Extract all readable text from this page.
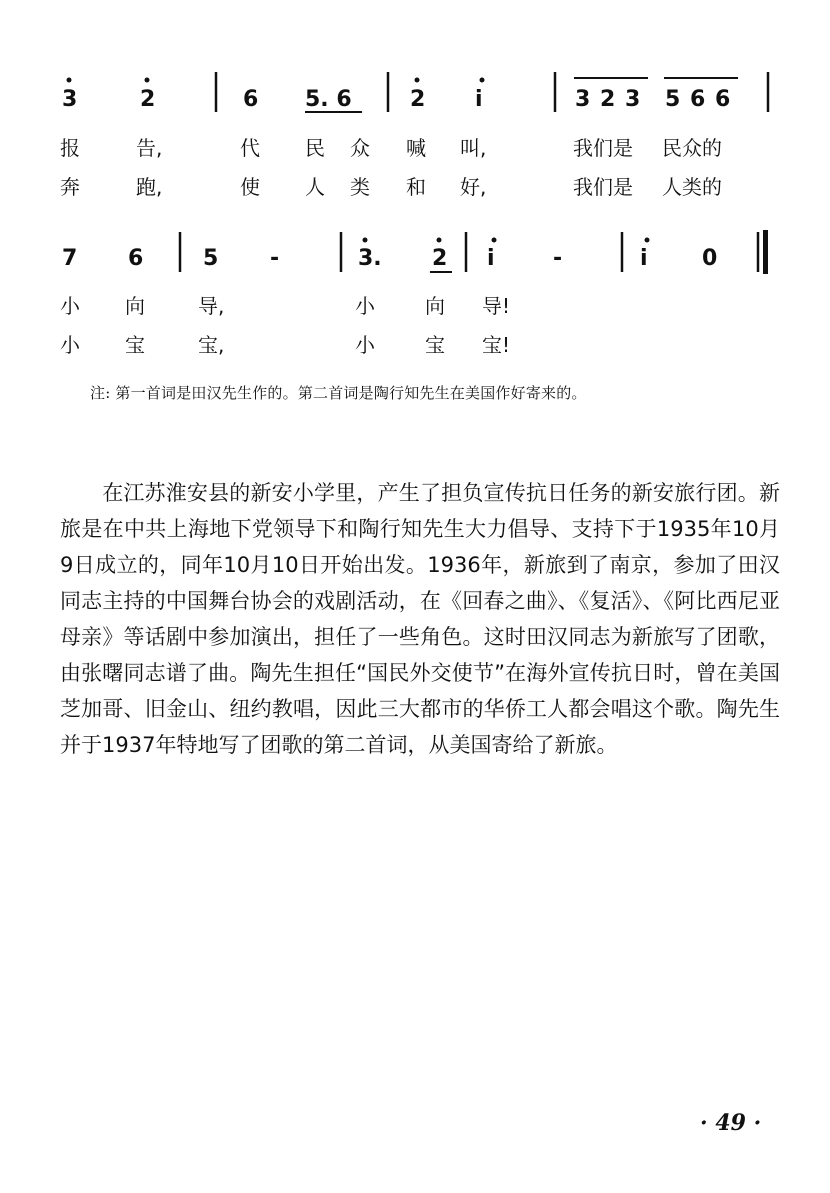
3	2	6 5. 6	2 i	3 2 3 5 6 6
报	告,	代 民 众 喊 叫,	我们是 民众的
奔	跑,	使 人 类 和 好,	我们是 人类的
7 6	5 -	3. 2 i	-	i 0
小 向	导,	小	向 导!
小 宝	宝,	小	宝 宝!
注: 第一首词是田汉先生作的。第二首词是陶行知先生在美国作好寄来的。
在江苏淮安县的新安小学里，产生了担负宣传抗日任务的新安旅行团。新旅是在中共上海地下党领导下和陶行知先生大力倡导、支持下于1935年10月9日成立的，同年10月10日开始出发。1936年，新旅到了南京，参加了田汉同志主持的中国舞台协会的戏剧活动，在《回春之曲》、《复活》、《阿比西尼亚母亲》等话剧中参加演出，担任了一些角色。这时田汉同志为新旅写了团歌，由张曙同志谱了曲。陶先生担任“国民外交使节”在海外宣传抗日时，曾在美国芝加哥、旧金山、纽约教唱，因此三大都市的华侨工人都会唱这个歌。陶先生并于1937年特地写了团歌的第二首词，从美国寄给了新旅。
· 49 ·
